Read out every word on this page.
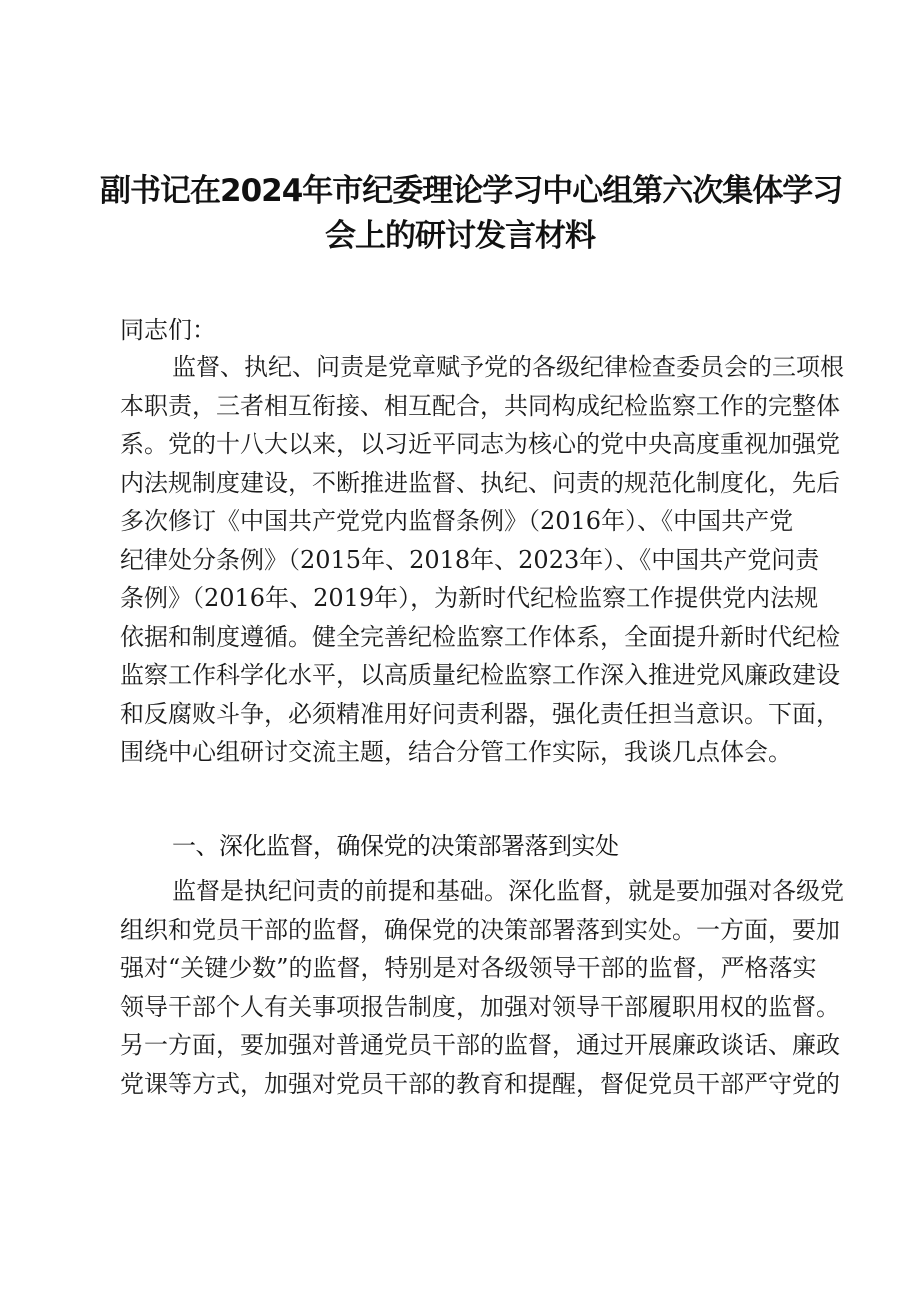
副书记在2024年市纪委理论学习中心组第六次集体学习
会上的研讨发言材料
同志们：
监督、执纪、问责是党章赋予党的各级纪律检查委员会的三项根
本职责，三者相互衔接、相互配合，共同构成纪检监察工作的完整体
系。党的十八大以来，以习近平同志为核心的党中央高度重视加强党
内法规制度建设，不断推进监督、执纪、问责的规范化制度化，先后
多次修订《中国共产党党内监督条例》（2016年）、《中国共产党
纪律处分条例》（2015年、2018年、2023年）、《中国共产党问责
条例》（2016年、2019年），为新时代纪检监察工作提供党内法规
依据和制度遵循。健全完善纪检监察工作体系，全面提升新时代纪检
监察工作科学化水平，以高质量纪检监察工作深入推进党风廉政建设
和反腐败斗争，必须精准用好问责利器，强化责任担当意识。下面，
围绕中心组研讨交流主题，结合分管工作实际，我谈几点体会。
一、深化监督，确保党的决策部署落到实处
监督是执纪问责的前提和基础。深化监督，就是要加强对各级党
组织和党员干部的监督，确保党的决策部署落到实处。一方面，要加
强对“关键少数”的监督，特别是对各级领导干部的监督，严格落实
领导干部个人有关事项报告制度，加强对领导干部履职用权的监督。
另一方面，要加强对普通党员干部的监督，通过开展廉政谈话、廉政
党课等方式，加强对党员干部的教育和提醒，督促党员干部严守党的
